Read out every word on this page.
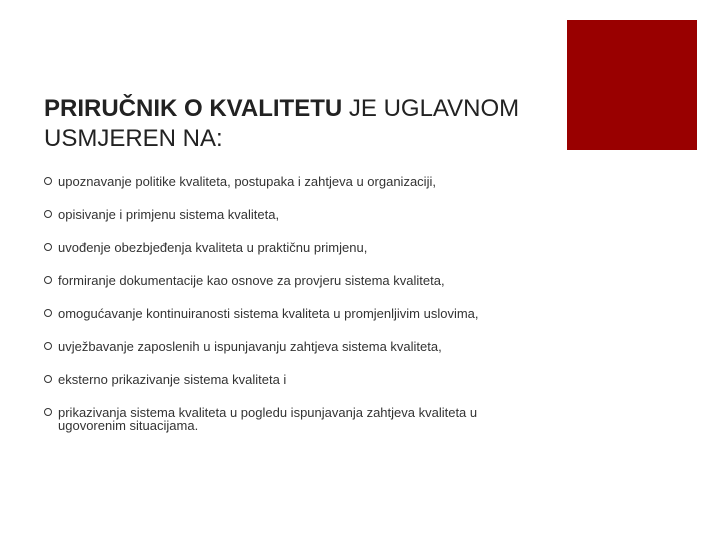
PRIRUČNIK O KVALITETU JE UGLAVNOM USMJEREN NA:
upoznavanje politike kvaliteta, postupaka i zahtjeva u organizaciji,
opisivanje i primjenu sistema kvaliteta,
uvođenje obezbjeđenja kvaliteta u praktičnu primjenu,
formiranje dokumentacije kao osnove za provjeru sistema kvaliteta,
omogućavanje kontinuiranosti sistema kvaliteta u promjenljivim uslovima,
uvježbavanje zaposlenih u ispunjavanju zahtjeva sistema kvaliteta,
eksterno prikazivanje sistema kvaliteta i
prikazivanja sistema kvaliteta u pogledu ispunjavanja zahtjeva kvaliteta u ugovorenim situacijama.
